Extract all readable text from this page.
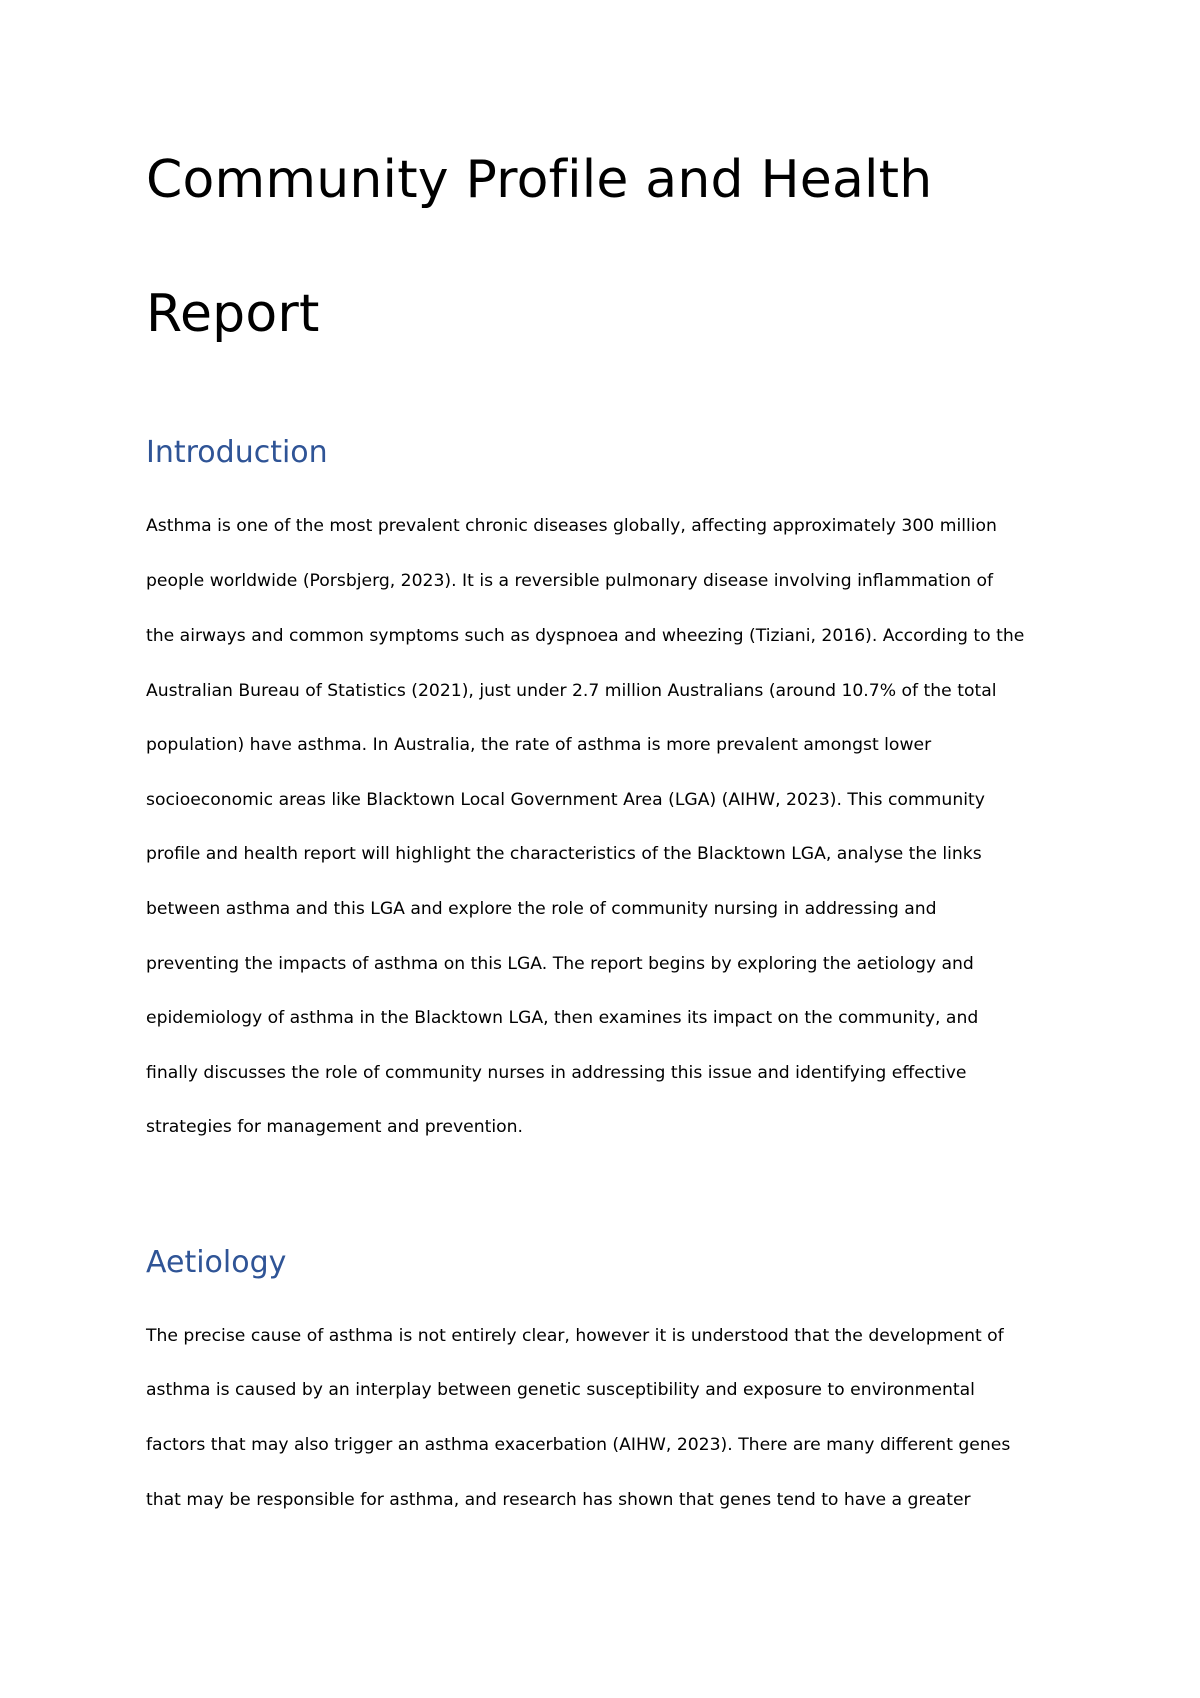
Community Profile and Health
Report
Introduction
Asthma is one of the most prevalent chronic diseases globally, affecting approximately 300 million
people worldwide (Porsbjerg, 2023). It is a reversible pulmonary disease involving inflammation of
the airways and common symptoms such as dyspnoea and wheezing (Tiziani, 2016). According to the
Australian Bureau of Statistics (2021), just under 2.7 million Australians (around 10.7% of the total
population) have asthma. In Australia, the rate of asthma is more prevalent amongst lower
socioeconomic areas like Blacktown Local Government Area (LGA) (AIHW, 2023). This community
profile and health report will highlight the characteristics of the Blacktown LGA, analyse the links
between asthma and this LGA and explore the role of community nursing in addressing and
preventing the impacts of asthma on this LGA. The report begins by exploring the aetiology and
epidemiology of asthma in the Blacktown LGA, then examines its impact on the community, and
finally discusses the role of community nurses in addressing this issue and identifying effective
strategies for management and prevention.
Aetiology
The precise cause of asthma is not entirely clear, however it is understood that the development of
asthma is caused by an interplay between genetic susceptibility and exposure to environmental
factors that may also trigger an asthma exacerbation (AIHW, 2023). There are many different genes
that may be responsible for asthma, and research has shown that genes tend to have a greater
